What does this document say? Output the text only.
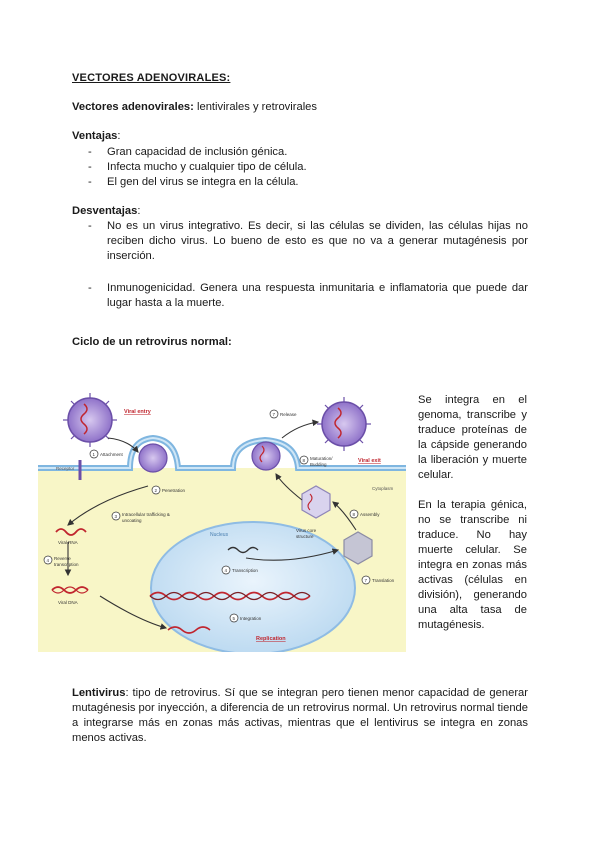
VECTORES ADENOVIRALES:
Vectores adenovirales: lentivirales y retrovirales
Ventajas:
- Gran capacidad de inclusión génica.
- Infecta mucho y cualquier tipo de célula.
- El gen del virus se integra en la célula.
Desventajas:
- No es un virus integrativo. Es decir, si las células se dividen, las células hijas no reciben dicho virus. Lo bueno de esto es que no va a generar mutagénesis por inserción.
- Inmunogenicidad. Genera una respuesta inmunitaria e inflamatoria que puede dar lugar hasta a la muerte.
Ciclo de un retrovirus normal:
Viral entry
Viral exit
Receptor
Cytoplasm
Nucleus
Replication
Virus core
structure
Viral RNA
Viral DNA
Attachment
Penetration
Intracellular trafficking &
uncoating
Reverse
transcription
Transcription
Integration
Translation
Assembly
Maturation/
Budding
Release
1
2
3
4
4
5
7
8
8
7

Se integra en el genoma, transcribe y traduce proteínas de la cápside generando la liberación y muerte celular.

En la terapia génica, no se transcribe ni traduce. No hay muerte celular. Se integra en zonas más activas (células en división), generando una alta tasa de mutagénesis.

Lentivirus: tipo de retrovirus. Sí que se integran pero tienen menor capacidad de generar mutagénesis por inyección, a diferencia de un retrovirus normal. Un retrovirus normal tiende a integrarse más en zonas más activas, mientras que el lentivirus se integra en zonas menos activas.
